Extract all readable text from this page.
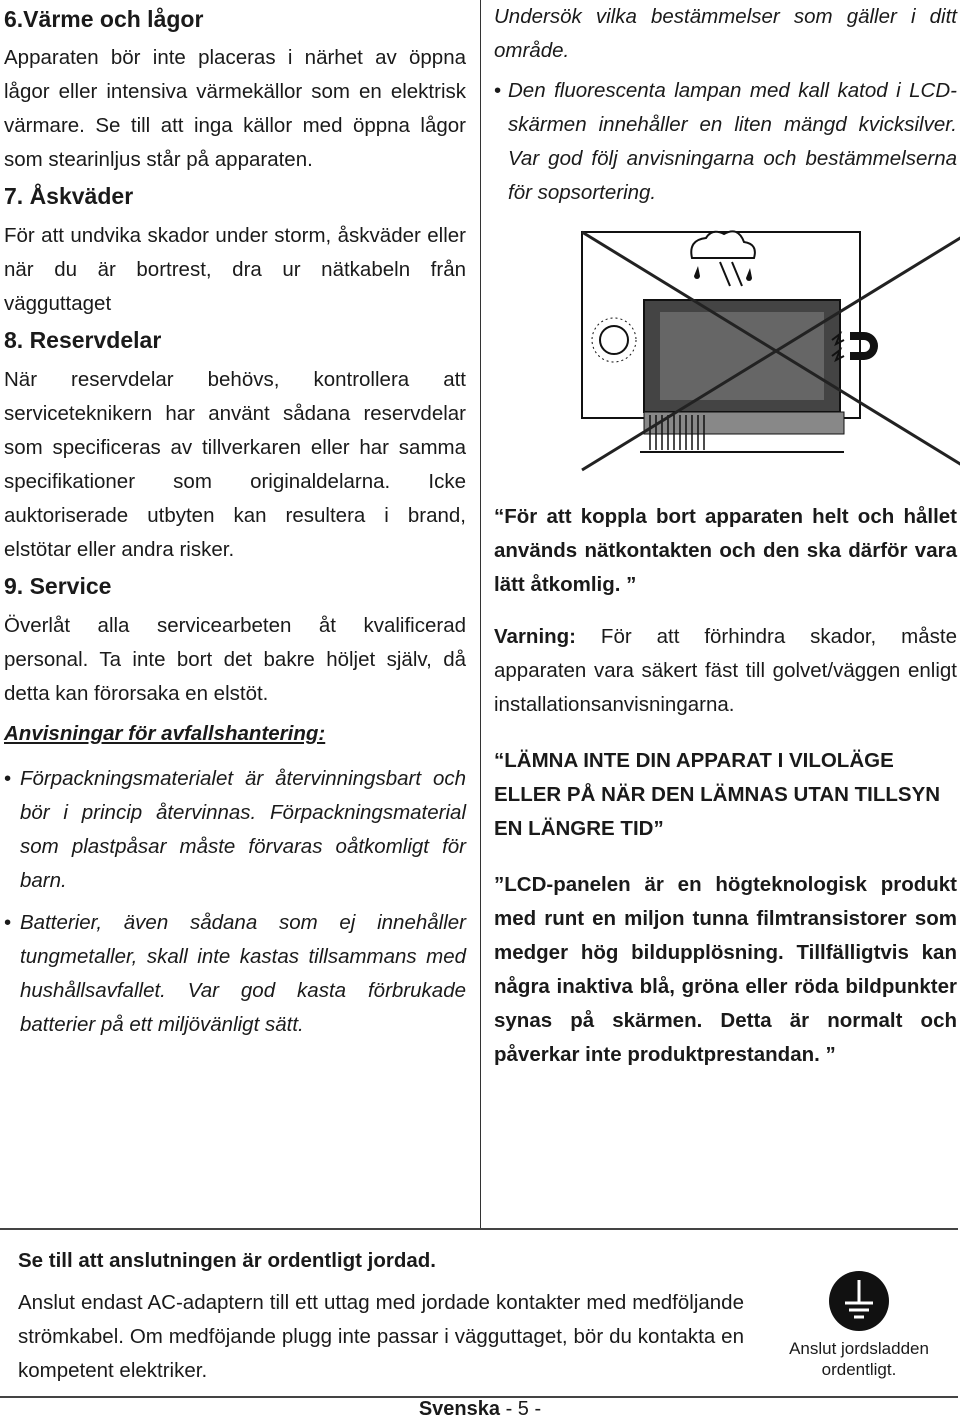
6.Värme och lågor

Apparaten bör inte placeras i närhet av öppna lågor eller intensiva värmekällor som en elektrisk värmare. Se till att inga källor med öppna lågor som stearinljus står på apparaten.

7. Åskväder

För att undvika skador under storm, åskväder eller när du är bortrest, dra ur nätkabeln från vägguttaget

8. Reservdelar

När reservdelar behövs, kontrollera att serviceteknikern har använt sådana reservdelar som specificeras av tillverkaren eller har samma specifikationer som originaldelarna. Icke auktoriserade utbyten kan resultera i brand, elstötar eller andra risker.

9. Service

Överlåt alla servicearbeten åt kvalificerad personal. Ta inte bort det bakre höljet själv, då detta kan förorsaka en elstöt.

Anvisningar för avfallshantering:
• Förpackningsmaterialet är återvinningsbart och bör i princip återvinnas. Förpackningsmaterial som plastpåsar måste förvaras oåtkomligt för barn.
• Batterier, även sådana som ej innehåller tungmetaller, skall inte kastas tillsammans med hushållsavfallet. Var god kasta förbrukade batterier på ett miljövänligt sätt.

Undersök vilka bestämmelser som gäller i ditt område.

• Den fluorescenta lampan med kall katod i LCD-skärmen innehåller en liten mängd kvicksilver. Var god följ anvisningarna och bestämmelserna för sopsortering.

“För att koppla bort apparaten helt och hållet används nätkontakten och den ska därför vara lätt åtkomlig. ”

Varning: För att förhindra skador, måste apparaten vara säkert fäst till golvet/väggen enligt installationsanvisningarna.

“LÄMNA INTE DIN APPARAT I VILOLÄGE ELLER PÅ NÄR DEN LÄMNAS UTAN TILLSYN EN LÄNGRE TID”

”LCD-panelen är en högteknologisk produkt med runt en miljon tunna filmtransistorer som medger hög bildupplösning. Tillfälligtvis kan några inaktiva blå, gröna eller röda bildpunkter synas på skärmen. Detta är normalt och påverkar inte produktprestandan. ”

Se till att anslutningen är ordentligt jordad.

Anslut endast AC-adaptern till ett uttag med jordade kontakter med medföljande strömkabel. Om medföjande plugg inte passar i vägguttaget, bör du kontakta en kompetent elektriker.

Anslut jordsladden ordentligt.
Svenska - 5 -
